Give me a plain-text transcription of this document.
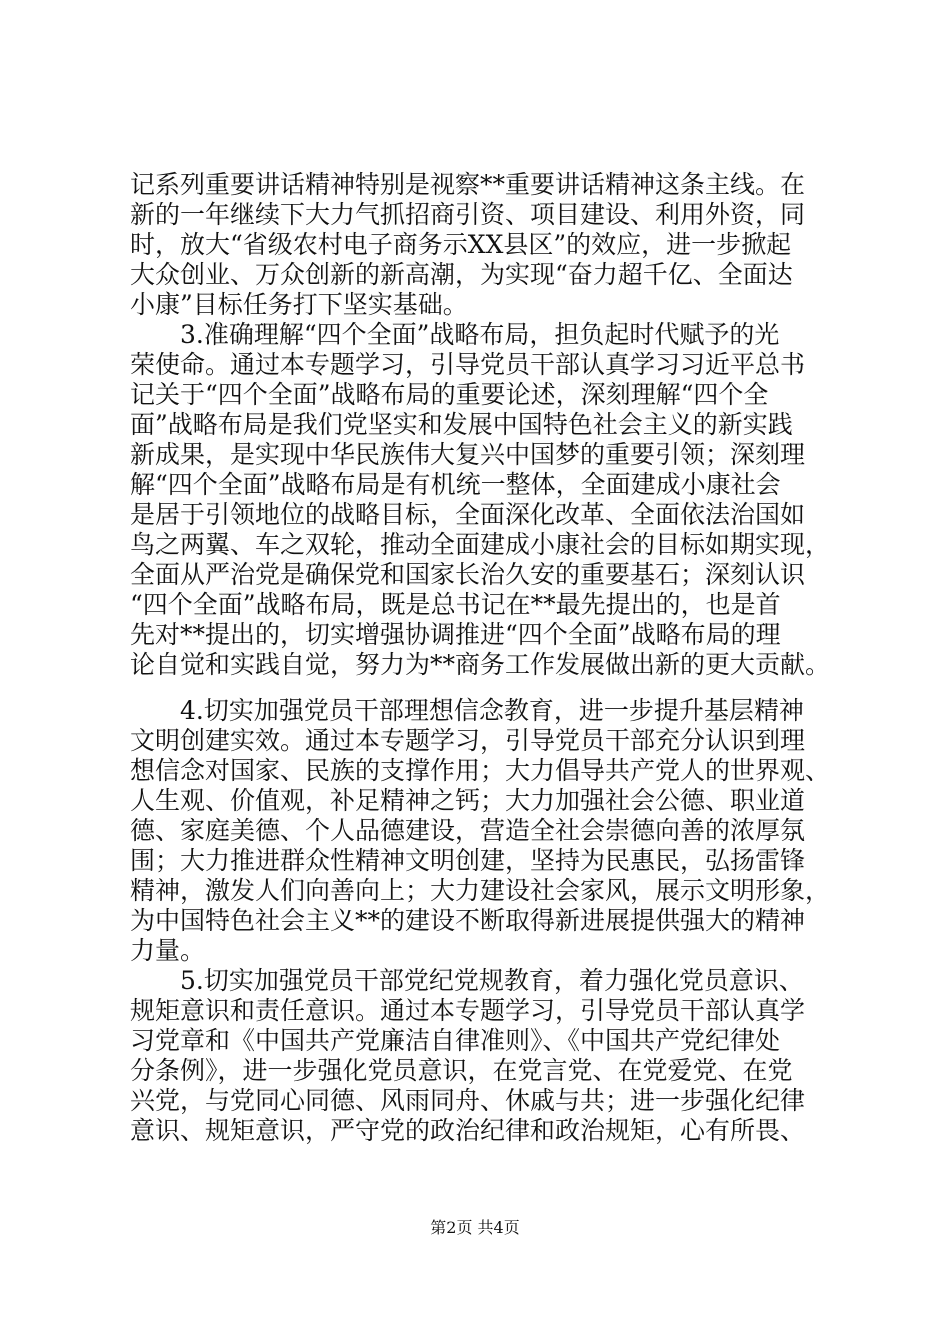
记系列重要讲话精神特别是视察**重要讲话精神这条主线。在
新的一年继续下大力气抓招商引资、项目建设、利用外资，同
时，放大“省级农村电子商务示XX县区”的效应，进一步掀起
大众创业、万众创新的新高潮，为实现“奋力超千亿、全面达
小康”目标任务打下坚实基础。
　　3.准确理解“四个全面”战略布局，担负起时代赋予的光
荣使命。通过本专题学习，引导党员干部认真学习习近平总书
记关于“四个全面”战略布局的重要论述，深刻理解“四个全
面”战略布局是我们党坚实和发展中国特色社会主义的新实践
新成果，是实现中华民族伟大复兴中国梦的重要引领；深刻理
解“四个全面”战略布局是有机统一整体，全面建成小康社会
是居于引领地位的战略目标，全面深化改革、全面依法治国如
鸟之两翼、车之双轮，推动全面建成小康社会的目标如期实现，
全面从严治党是确保党和国家长治久安的重要基石；深刻认识
“四个全面”战略布局，既是总书记在**最先提出的，也是首
先对**提出的，切实增强协调推进“四个全面”战略布局的理
论自觉和实践自觉，努力为**商务工作发展做出新的更大贡献。
　　4.切实加强党员干部理想信念教育，进一步提升基层精神
文明创建实效。通过本专题学习，引导党员干部充分认识到理
想信念对国家、民族的支撑作用；大力倡导共产党人的世界观、
人生观、价值观，补足精神之钙；大力加强社会公德、职业道
德、家庭美德、个人品德建设，营造全社会崇德向善的浓厚氛
围；大力推进群众性精神文明创建，坚持为民惠民，弘扬雷锋
精神，激发人们向善向上；大力建设社会家风，展示文明形象，
为中国特色社会主义**的建设不断取得新进展提供强大的精神
力量。
　　5.切实加强党员干部党纪党规教育，着力强化党员意识、
规矩意识和责任意识。通过本专题学习，引导党员干部认真学
习党章和《中国共产党廉洁自律准则》、《中国共产党纪律处
分条例》，进一步强化党员意识，在党言党、在党爱党、在党
兴党，与党同心同德、风雨同舟、休戚与共；进一步强化纪律
意识、规矩意识，严守党的政治纪律和政治规矩，心有所畏、
第2页 共4页
